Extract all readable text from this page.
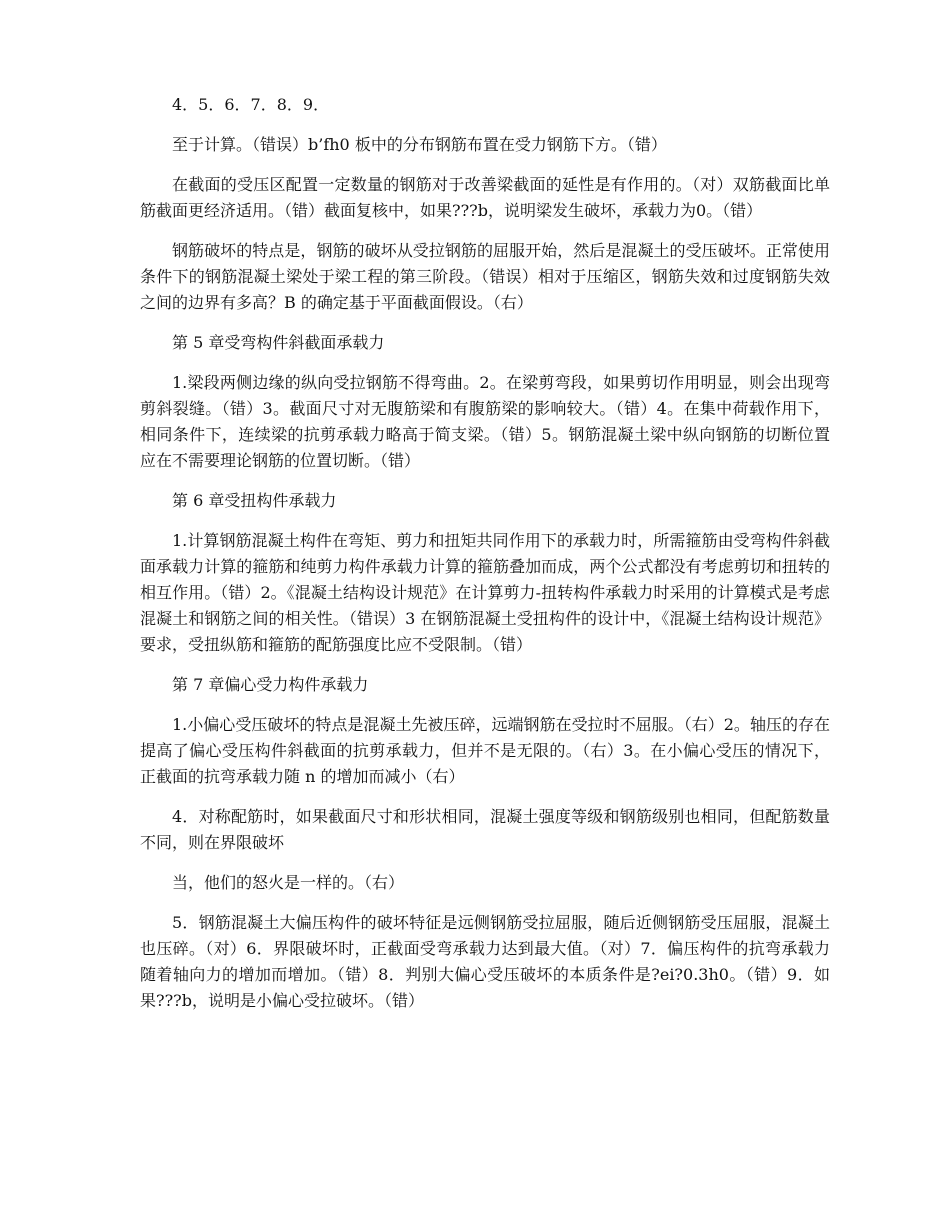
4．5．6．7．8．9．

至于计算。（错误）b’fh0 板中的分布钢筋布置在受力钢筋下方。（错）

在截面的受压区配置一定数量的钢筋对于改善梁截面的延性是有作用的。（对）双筋截面比单筋截面更经济适用。（错）截面复核中，如果???b，说明梁发生破坏，承载力为0。（错）

钢筋破坏的特点是，钢筋的破坏从受拉钢筋的屈服开始，然后是混凝土的受压破坏。正常使用条件下的钢筋混凝土梁处于梁工程的第三阶段。（错误）相对于压缩区，钢筋失效和过度钢筋失效之间的边界有多高？B 的确定基于平面截面假设。（右）

第 5 章受弯构件斜截面承载力

1.梁段两侧边缘的纵向受拉钢筋不得弯曲。2。在梁剪弯段，如果剪切作用明显，则会出现弯剪斜裂缝。（错）3。截面尺寸对无腹筋梁和有腹筋梁的影响较大。（错）4。在集中荷载作用下，相同条件下，连续梁的抗剪承载力略高于简支梁。（错）5。钢筋混凝土梁中纵向钢筋的切断位置应在不需要理论钢筋的位置切断。（错）

第 6 章受扭构件承载力

1.计算钢筋混凝土构件在弯矩、剪力和扭矩共同作用下的承载力时，所需箍筋由受弯构件斜截面承载力计算的箍筋和纯剪力构件承载力计算的箍筋叠加而成，两个公式都没有考虑剪切和扭转的相互作用。（错）2。《混凝土结构设计规范》在计算剪力-扭转构件承载力时采用的计算模式是考虑混凝土和钢筋之间的相关性。（错误）3 在钢筋混凝土受扭构件的设计中，《混凝土结构设计规范》要求，受扭纵筋和箍筋的配筋强度比应不受限制。（错）

第 7 章偏心受力构件承载力

1.小偏心受压破坏的特点是混凝土先被压碎，远端钢筋在受拉时不屈服。（右）2。轴压的存在提高了偏心受压构件斜截面的抗剪承载力，但并不是无限的。（右）3。在小偏心受压的情况下，正截面的抗弯承载力随 n 的增加而减小（右）

4．对称配筋时，如果截面尺寸和形状相同，混凝土强度等级和钢筋级别也相同，但配筋数量不同，则在界限破坏

当，他们的怒火是一样的。（右）

5．钢筋混凝土大偏压构件的破坏特征是远侧钢筋受拉屈服，随后近侧钢筋受压屈服，混凝土也压碎。（对）6．界限破坏时，正截面受弯承载力达到最大值。（对）7．偏压构件的抗弯承载力随着轴向力的增加而增加。（错）8．判别大偏心受压破坏的本质条件是?ei?0.3h0。（错）9．如果???b，说明是小偏心受拉破坏。（错）
